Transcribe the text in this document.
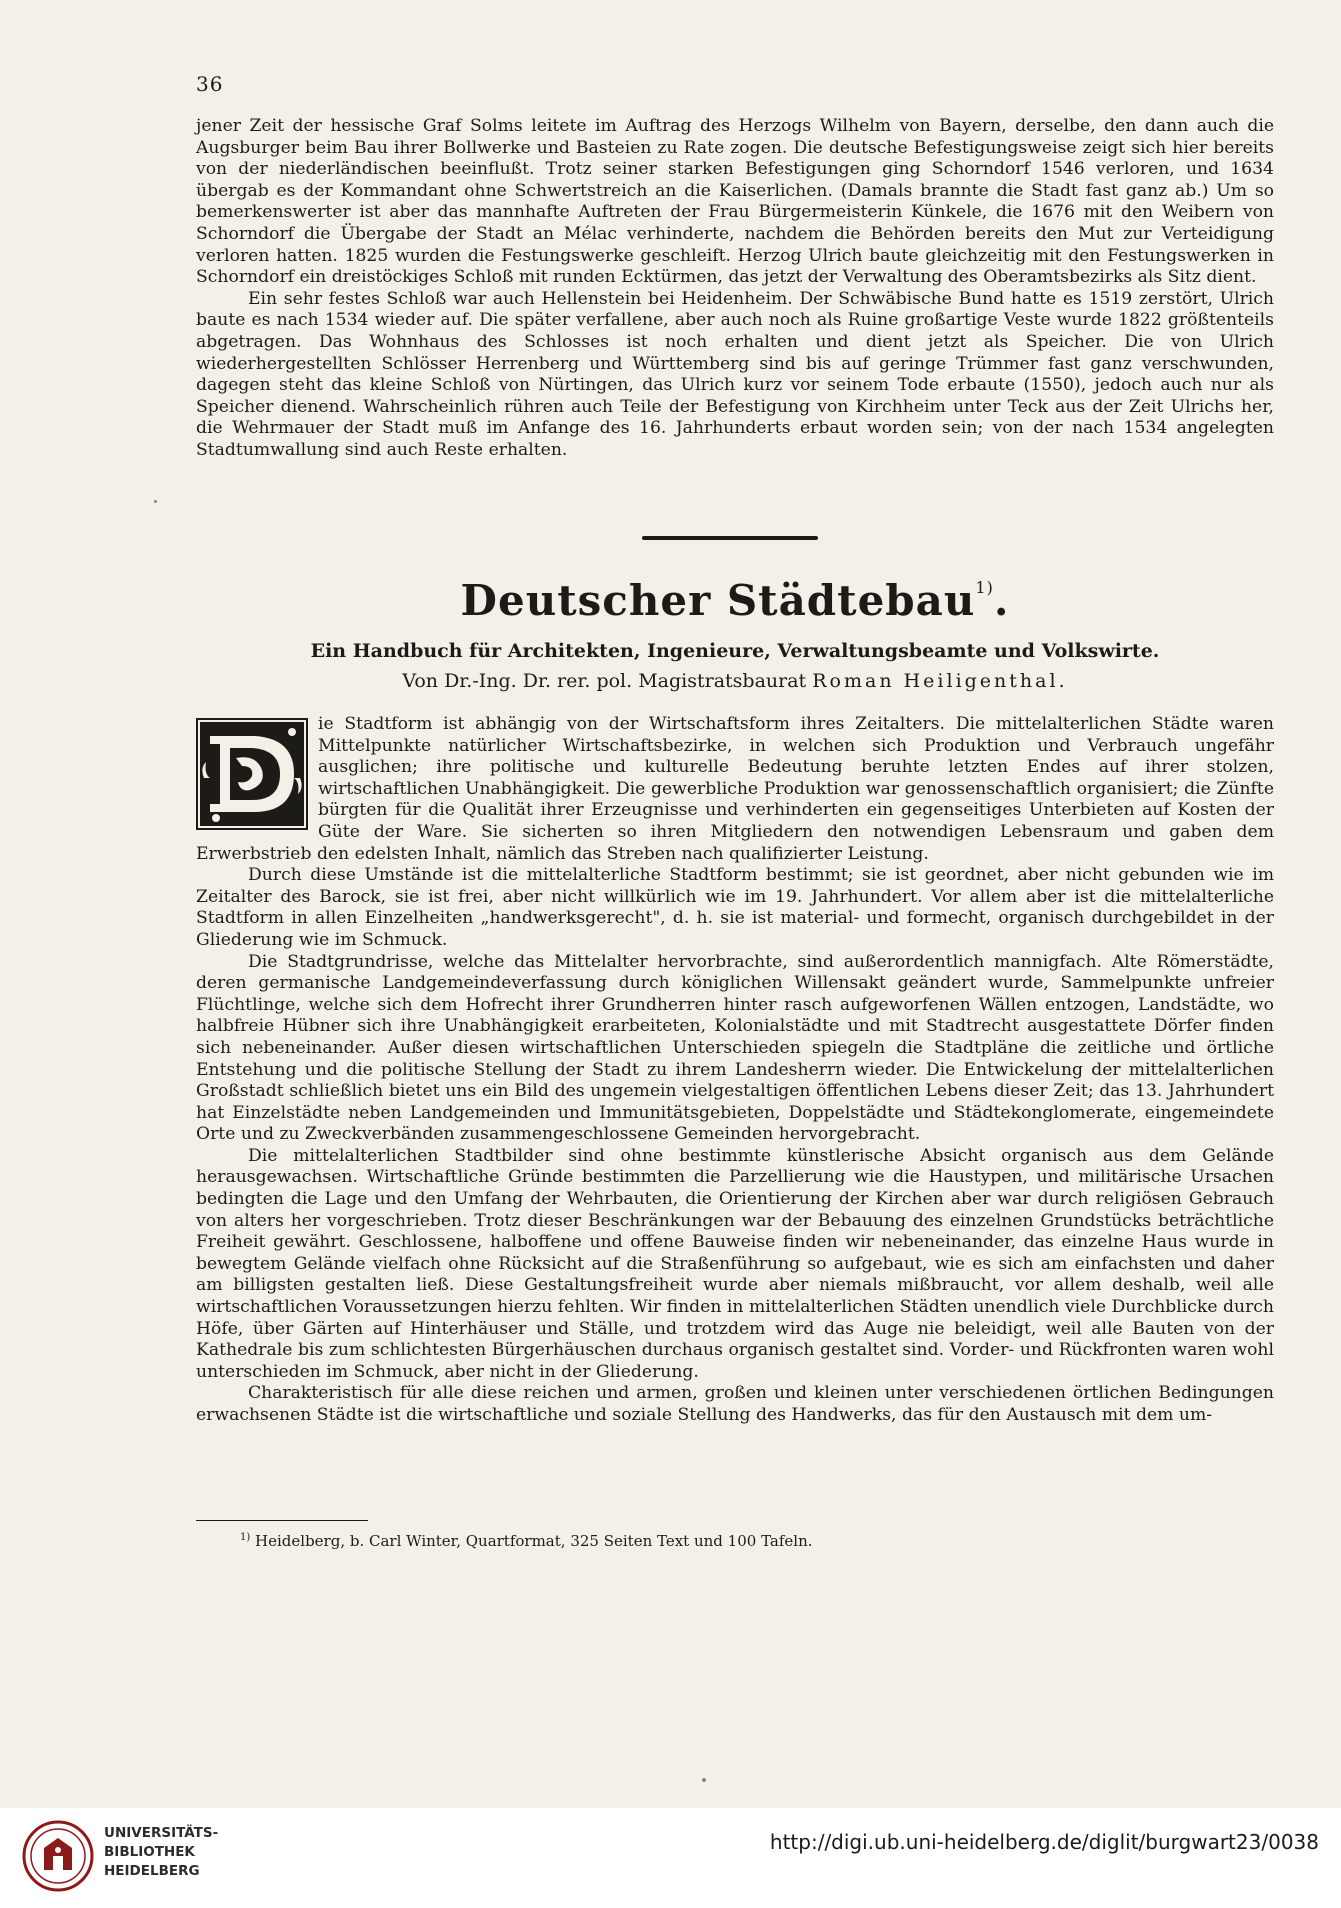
36

jener Zeit der hessische Graf Solms leitete im Auftrag des Herzogs Wilhelm von Bayern, derselbe, den dann auch die Augsburger beim Bau ihrer Bollwerke und Basteien zu Rate zogen. Die deutsche Befestigungsweise zeigt sich hier bereits von der niederländischen beeinflußt. Trotz seiner starken Befestigungen ging Schorndorf 1546 verloren, und 1634 übergab es der Kommandant ohne Schwertstreich an die Kaiserlichen. (Damals brannte die Stadt fast ganz ab.) Um so bemerkenswerter ist aber das mannhafte Auftreten der Frau Bürgermeisterin Künkele, die 1676 mit den Weibern von Schorndorf die Übergabe der Stadt an Mélac verhinderte, nachdem die Behörden bereits den Mut zur Verteidigung verloren hatten. 1825 wurden die Festungswerke geschleift. Herzog Ulrich baute gleichzeitig mit den Festungswerken in Schorndorf ein dreistöckiges Schloß mit runden Ecktürmen, das jetzt der Verwaltung des Oberamtsbezirks als Sitz dient.

Ein sehr festes Schloß war auch Hellenstein bei Heidenheim. Der Schwäbische Bund hatte es 1519 zerstört, Ulrich baute es nach 1534 wieder auf. Die später verfallene, aber auch noch als Ruine großartige Veste wurde 1822 größtenteils abgetragen. Das Wohnhaus des Schlosses ist noch erhalten und dient jetzt als Speicher. Die von Ulrich wiederhergestellten Schlösser Herrenberg und Württemberg sind bis auf geringe Trümmer fast ganz verschwunden, dagegen steht das kleine Schloß von Nürtingen, das Ulrich kurz vor seinem Tode erbaute (1550), jedoch auch nur als Speicher dienend. Wahrscheinlich rühren auch Teile der Befestigung von Kirchheim unter Teck aus der Zeit Ulrichs her, die Wehrmauer der Stadt muß im Anfange des 16. Jahrhunderts erbaut worden sein; von der nach 1534 angelegten Stadtumwallung sind auch Reste erhalten.

Deutscher Städtebau$^{1)}$.
Ein Handbuch für Architekten, Ingenieure, Verwaltungsbeamte und Volkswirte.
Von Dr.-Ing. Dr. rer. pol. Magistratsbaurat Roman Heiligenthal.

ie Stadtform ist abhängig von der Wirtschaftsform ihres Zeitalters. Die mittelalterlichen Städte waren Mittelpunkte natürlicher Wirtschaftsbezirke, in welchen sich Produktion und Verbrauch ungefähr ausglichen; ihre politische und kulturelle Bedeutung beruhte letzten Endes auf ihrer stolzen, wirtschaftlichen Unabhängigkeit. Die gewerbliche Produktion war genossenschaftlich organisiert; die Zünfte bürgten für die Qualität ihrer Erzeugnisse und verhinderten ein gegenseitiges Unterbieten auf Kosten der Güte der Ware. Sie sicherten so ihren Mitgliedern den notwendigen Lebensraum und gaben dem Erwerbstrieb den edelsten Inhalt, nämlich das Streben nach qualifizierter Leistung.

Durch diese Umstände ist die mittelalterliche Stadtform bestimmt; sie ist geordnet, aber nicht gebunden wie im Zeitalter des Barock, sie ist frei, aber nicht willkürlich wie im 19. Jahrhundert. Vor allem aber ist die mittelalterliche Stadtform in allen Einzelheiten „handwerksgerecht", d. h. sie ist material- und formecht, organisch durchgebildet in der Gliederung wie im Schmuck.

Die Stadtgrundrisse, welche das Mittelalter hervorbrachte, sind außerordentlich mannigfach. Alte Römerstädte, deren germanische Landgemeindeverfassung durch königlichen Willensakt geändert wurde, Sammelpunkte unfreier Flüchtlinge, welche sich dem Hofrecht ihrer Grundherren hinter rasch aufgeworfenen Wällen entzogen, Landstädte, wo halbfreie Hübner sich ihre Unabhängigkeit erarbeiteten, Kolonialstädte und mit Stadtrecht ausgestattete Dörfer finden sich nebeneinander. Außer diesen wirtschaftlichen Unterschieden spiegeln die Stadtpläne die zeitliche und örtliche Entstehung und die politische Stellung der Stadt zu ihrem Landesherrn wieder. Die Entwickelung der mittelalterlichen Großstadt schließlich bietet uns ein Bild des ungemein vielgestaltigen öffentlichen Lebens dieser Zeit; das 13. Jahrhundert hat Einzelstädte neben Landgemeinden und Immunitätsgebieten, Doppelstädte und Städtekonglomerate, eingemeindete Orte und zu Zweckverbänden zusammengeschlossene Gemeinden hervorgebracht.

Die mittelalterlichen Stadtbilder sind ohne bestimmte künstlerische Absicht organisch aus dem Gelände herausgewachsen. Wirtschaftliche Gründe bestimmten die Parzellierung wie die Haustypen, und militärische Ursachen bedingten die Lage und den Umfang der Wehrbauten, die Orientierung der Kirchen aber war durch religiösen Gebrauch von alters her vorgeschrieben. Trotz dieser Beschränkungen war der Bebauung des einzelnen Grundstücks beträchtliche Freiheit gewährt. Geschlossene, halboffene und offene Bauweise finden wir nebeneinander, das einzelne Haus wurde in bewegtem Gelände vielfach ohne Rücksicht auf die Straßenführung so aufgebaut, wie es sich am einfachsten und daher am billigsten gestalten ließ. Diese Gestaltungsfreiheit wurde aber niemals mißbraucht, vor allem deshalb, weil alle wirtschaftlichen Voraussetzungen hierzu fehlten. Wir finden in mittelalterlichen Städten unendlich viele Durchblicke durch Höfe, über Gärten auf Hinterhäuser und Ställe, und trotzdem wird das Auge nie beleidigt, weil alle Bauten von der Kathedrale bis zum schlichtesten Bürgerhäuschen durchaus organisch gestaltet sind. Vorder- und Rückfronten waren wohl unterschieden im Schmuck, aber nicht in der Gliederung.

Charakteristisch für alle diese reichen und armen, großen und kleinen unter verschiedenen örtlichen Bedingungen erwachsenen Städte ist die wirtschaftliche und soziale Stellung des Handwerks, das für den Austausch mit dem um-

$^{1)}$ Heidelberg, b. Carl Winter, Quartformat, 325 Seiten Text und 100 Tafeln.
UNIVERSITÄTS-
BIBLIOTHEK
HEIDELBERG
http://digi.ub.uni-heidelberg.de/diglit/burgwart23/0038
